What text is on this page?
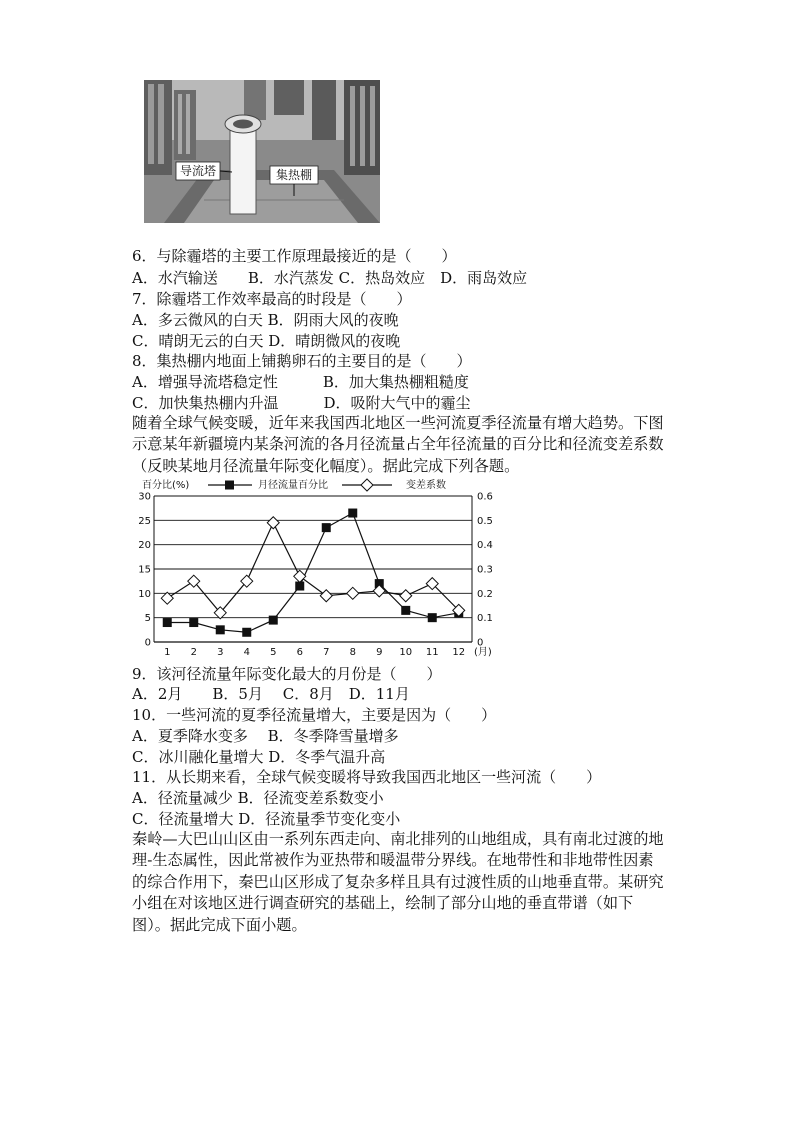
导流塔	集热棚
6．与除霾塔的主要工作原理最接近的是（　　）
A．水汽输送　　B．水汽蒸发 C．热岛效应　D．雨岛效应
7．除霾塔工作效率最高的时段是（　　）
A．多云微风的白天 B．阴雨大风的夜晚
C．晴朗无云的白天 D．晴朗微风的夜晚
8．集热棚内地面上铺鹅卵石的主要目的是（　　）
A．增强导流塔稳定性　　　B．加大集热棚粗糙度
C．加快集热棚内升温　　　D．吸附大气中的霾尘
随着全球气候变暖，近年来我国西北地区一些河流夏季径流量有增大趋势。下图示意某年新疆境内某条河流的各月径流量占全年径流量的百分比和径流变差系数（反映某地月径流量年际变化幅度）。据此完成下列各题。
0
5
10
15
20
25
30
0
0.1
0.2
0.3
0.4
0.5
0.6
1 2 3 4 5 6 7 8 9 10 11 12 (月)
百分比(%)	月径流量百分比	变差系数
9．该河径流量年际变化最大的月份是（　　）
A．2月　　B．5月　 C．8月　D．11月
10．一些河流的夏季径流量增大，主要是因为（　　）
A．夏季降水变多　 B．冬季降雪量增多
C．冰川融化量增大 D．冬季气温升高
11．从长期来看，全球气候变暖将导致我国西北地区一些河流（　　）
A．径流量减少 B．径流变差系数变小
C．径流量增大 D．径流量季节变化变小
秦岭—大巴山山区由一系列东西走向、南北排列的山地组成，具有南北过渡的地理-生态属性，因此常被作为亚热带和暖温带分界线。在地带性和非地带性因素的综合作用下，秦巴山区形成了复杂多样且具有过渡性质的山地垂直带。某研究小组在对该地区进行调查研究的基础上，绘制了部分山地的垂直带谱（如下图）。据此完成下面小题。
